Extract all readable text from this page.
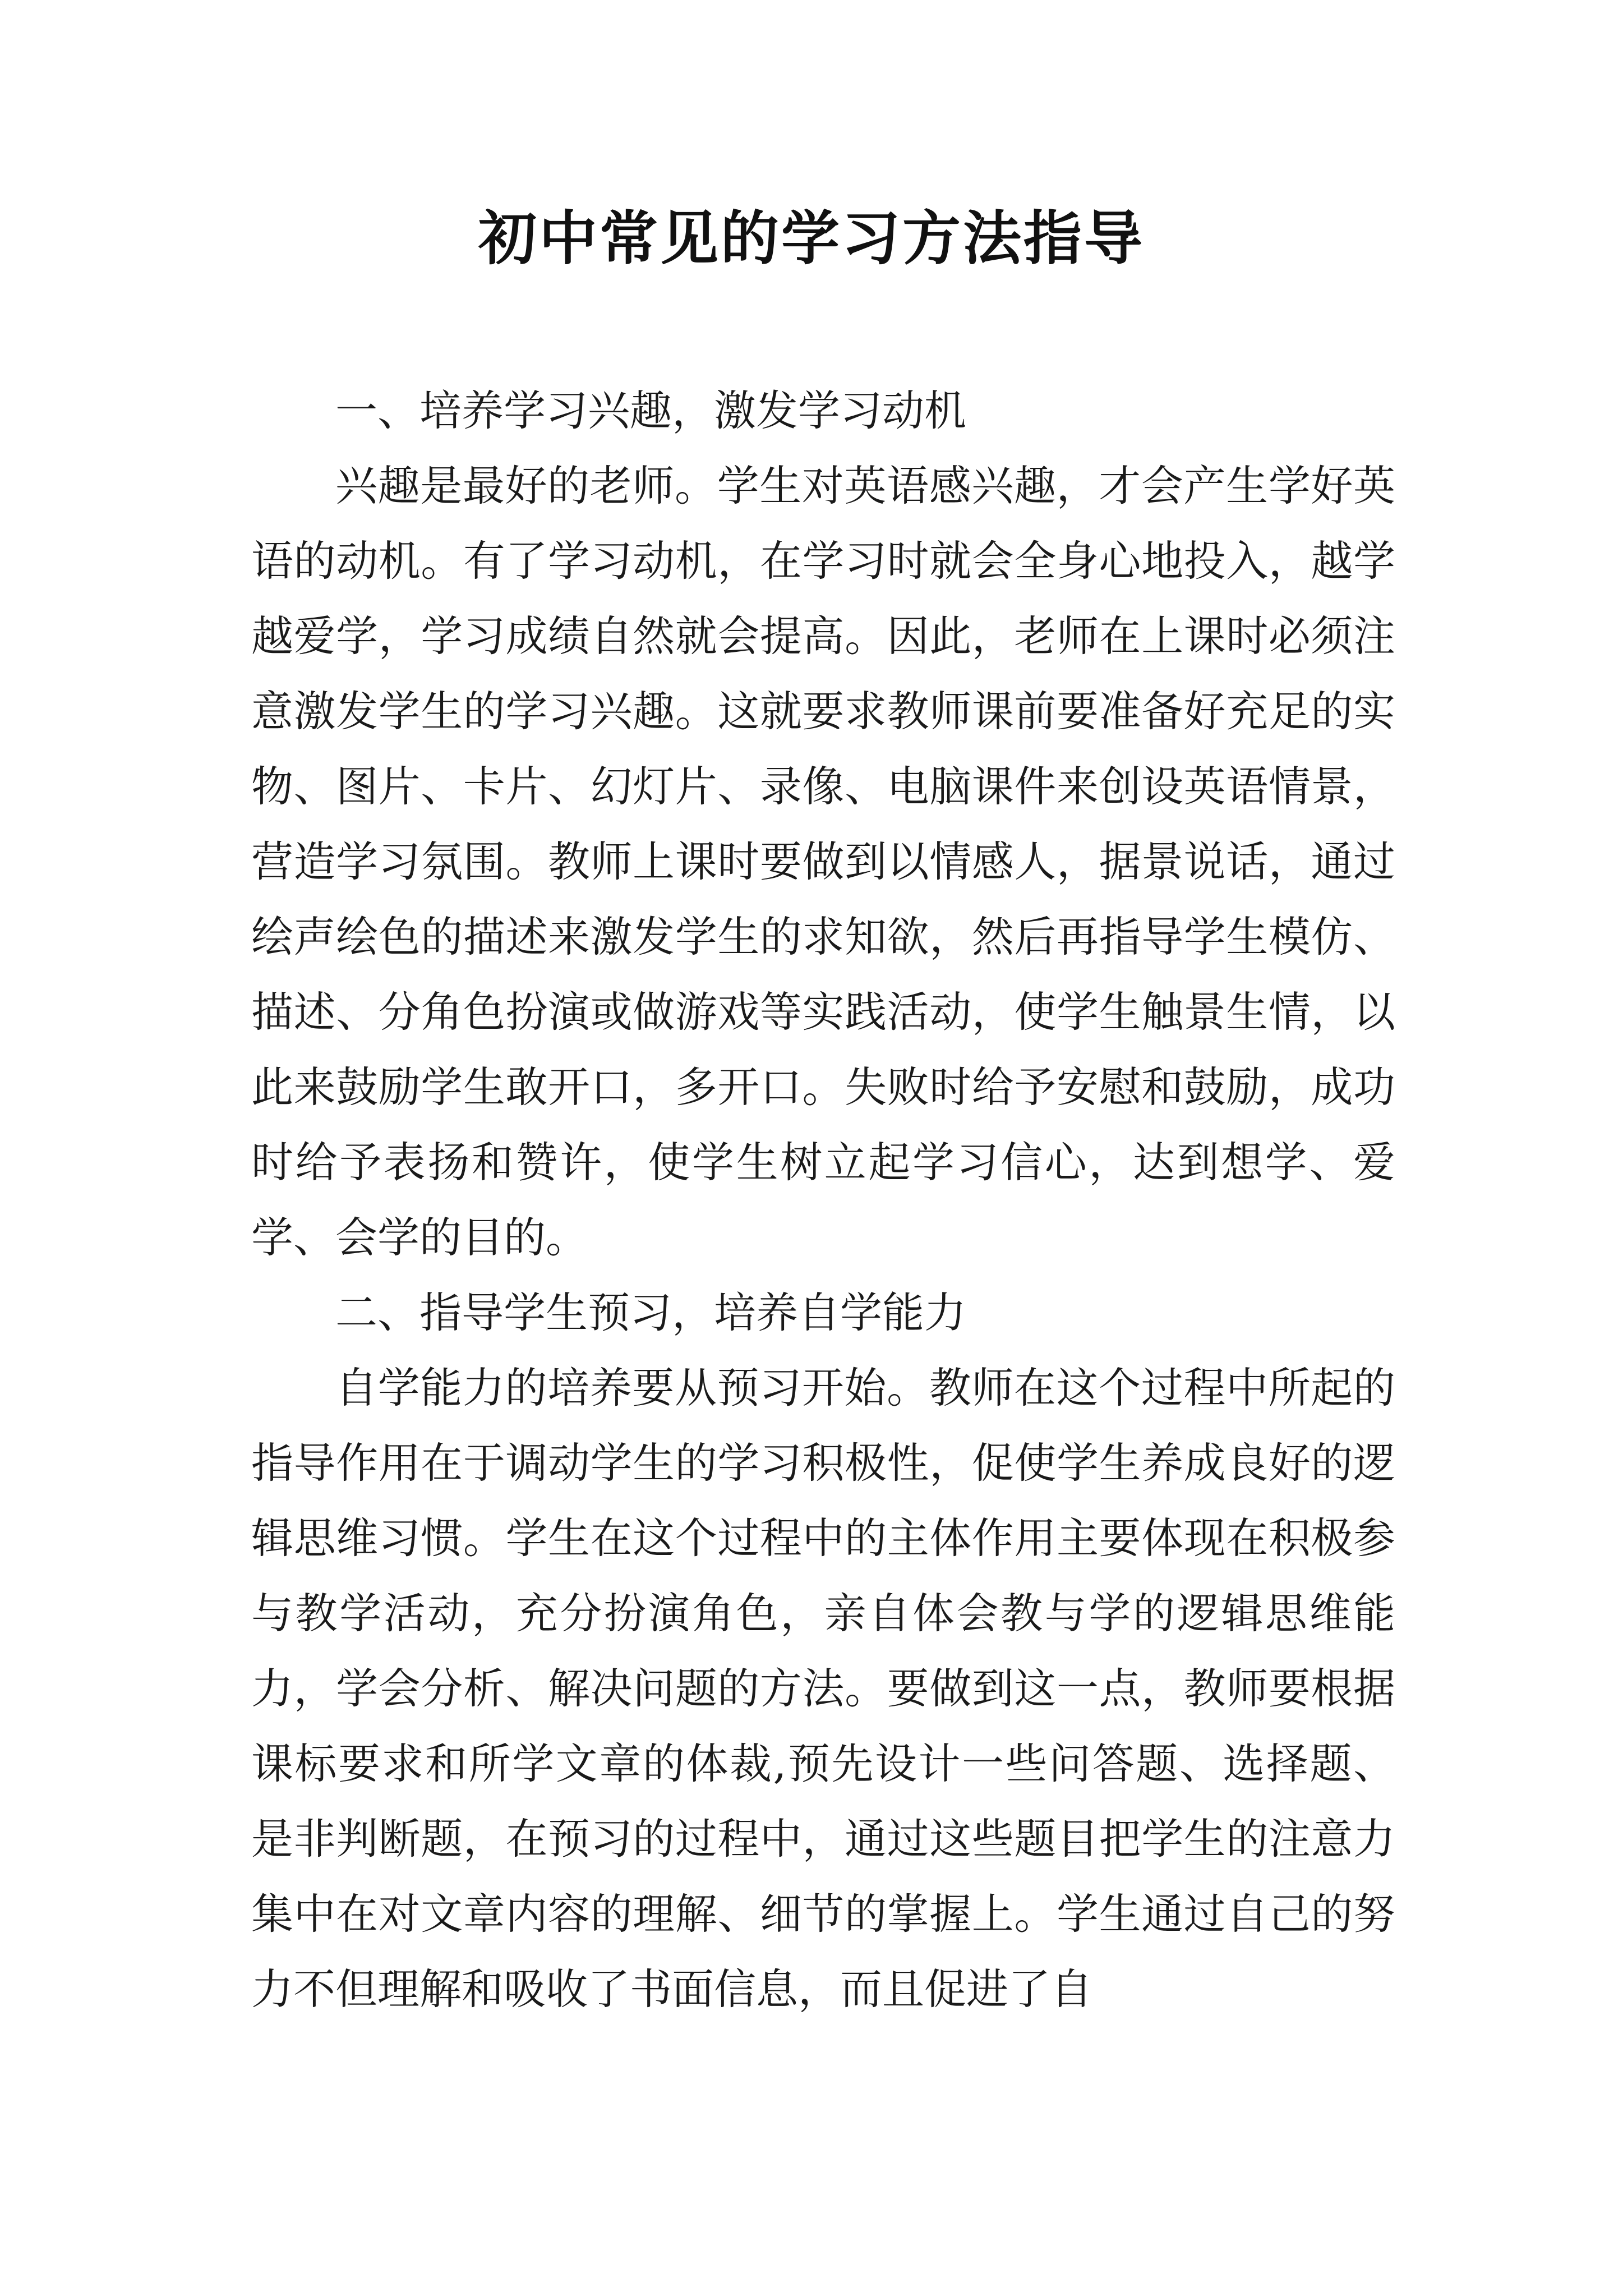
初中常见的学习方法指导

一、培养学习兴趣，激发学习动机

兴趣是最好的老师。学生对英语感兴趣，才会产生学好英语的动机。有了学习动机，在学习时就会全身心地投入，越学越爱学，学习成绩自然就会提高。因此，老师在上课时必须注意激发学生的学习兴趣。这就要求教师课前要准备好充足的实物、图片、卡片、幻灯片、录像、电脑课件来创设英语情景，营造学习氛围。教师上课时要做到以情感人，据景说话，通过绘声绘色的描述来激发学生的求知欲，然后再指导学生模仿、描述、分角色扮演或做游戏等实践活动，使学生触景生情，以此来鼓励学生敢开口，多开口。失败时给予安慰和鼓励，成功时给予表扬和赞许，使学生树立起学习信心，达到想学、爱学、会学的目的。

二、指导学生预习，培养自学能力

自学能力的培养要从预习开始。教师在这个过程中所起的指导作用在于调动学生的学习积极性，促使学生养成良好的逻辑思维习惯。学生在这个过程中的主体作用主要体现在积极参与教学活动，充分扮演角色，亲自体会教与学的逻辑思维能力，学会分析、解决问题的方法。要做到这一点，教师要根据课标要求和所学文章的体裁,预先设计一些问答题、选择题、是非判断题，在预习的过程中，通过这些题目把学生的注意力集中在对文章内容的理解、细节的掌握上。学生通过自己的努力不但理解和吸收了书面信息，而且促进了自
